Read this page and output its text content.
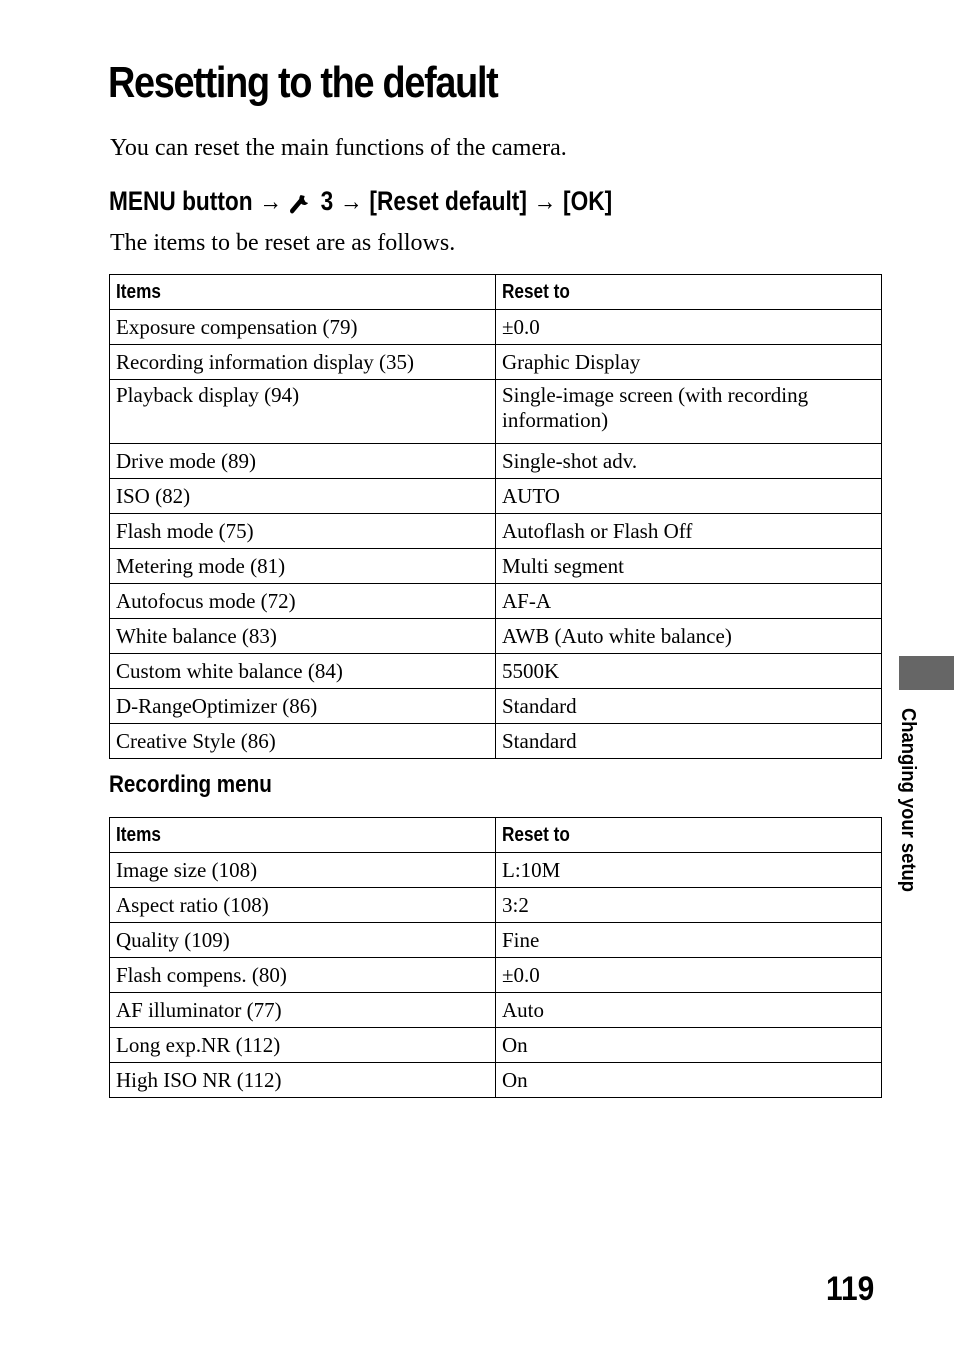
Resetting to the default
You can reset the main functions of the camera.
MENU button → 3 → [Reset default] → [OK]
The items to be reset are as follows.
Items	Reset to
Exposure compensation (79)	±0.0
Recording information display (35)	Graphic Display
Playback display (94)	Single-image screen (with recording information)
Drive mode (89)	Single-shot adv.
ISO (82)	AUTO
Flash mode (75)	Autoflash or Flash Off
Metering mode (81)	Multi segment
Autofocus mode (72)	AF-A
White balance (83)	AWB (Auto white balance)
Custom white balance (84)	5500K
D-RangeOptimizer (86)	Standard
Creative Style (86)	Standard
Recording menu
Items	Reset to
Image size (108)	L:10M
Aspect ratio (108)	3:2
Quality (109)	Fine
Flash compens. (80)	±0.0
AF illuminator (77)	Auto
Long exp.NR (112)	On
High ISO NR (112)	On
Changing your setup
119
